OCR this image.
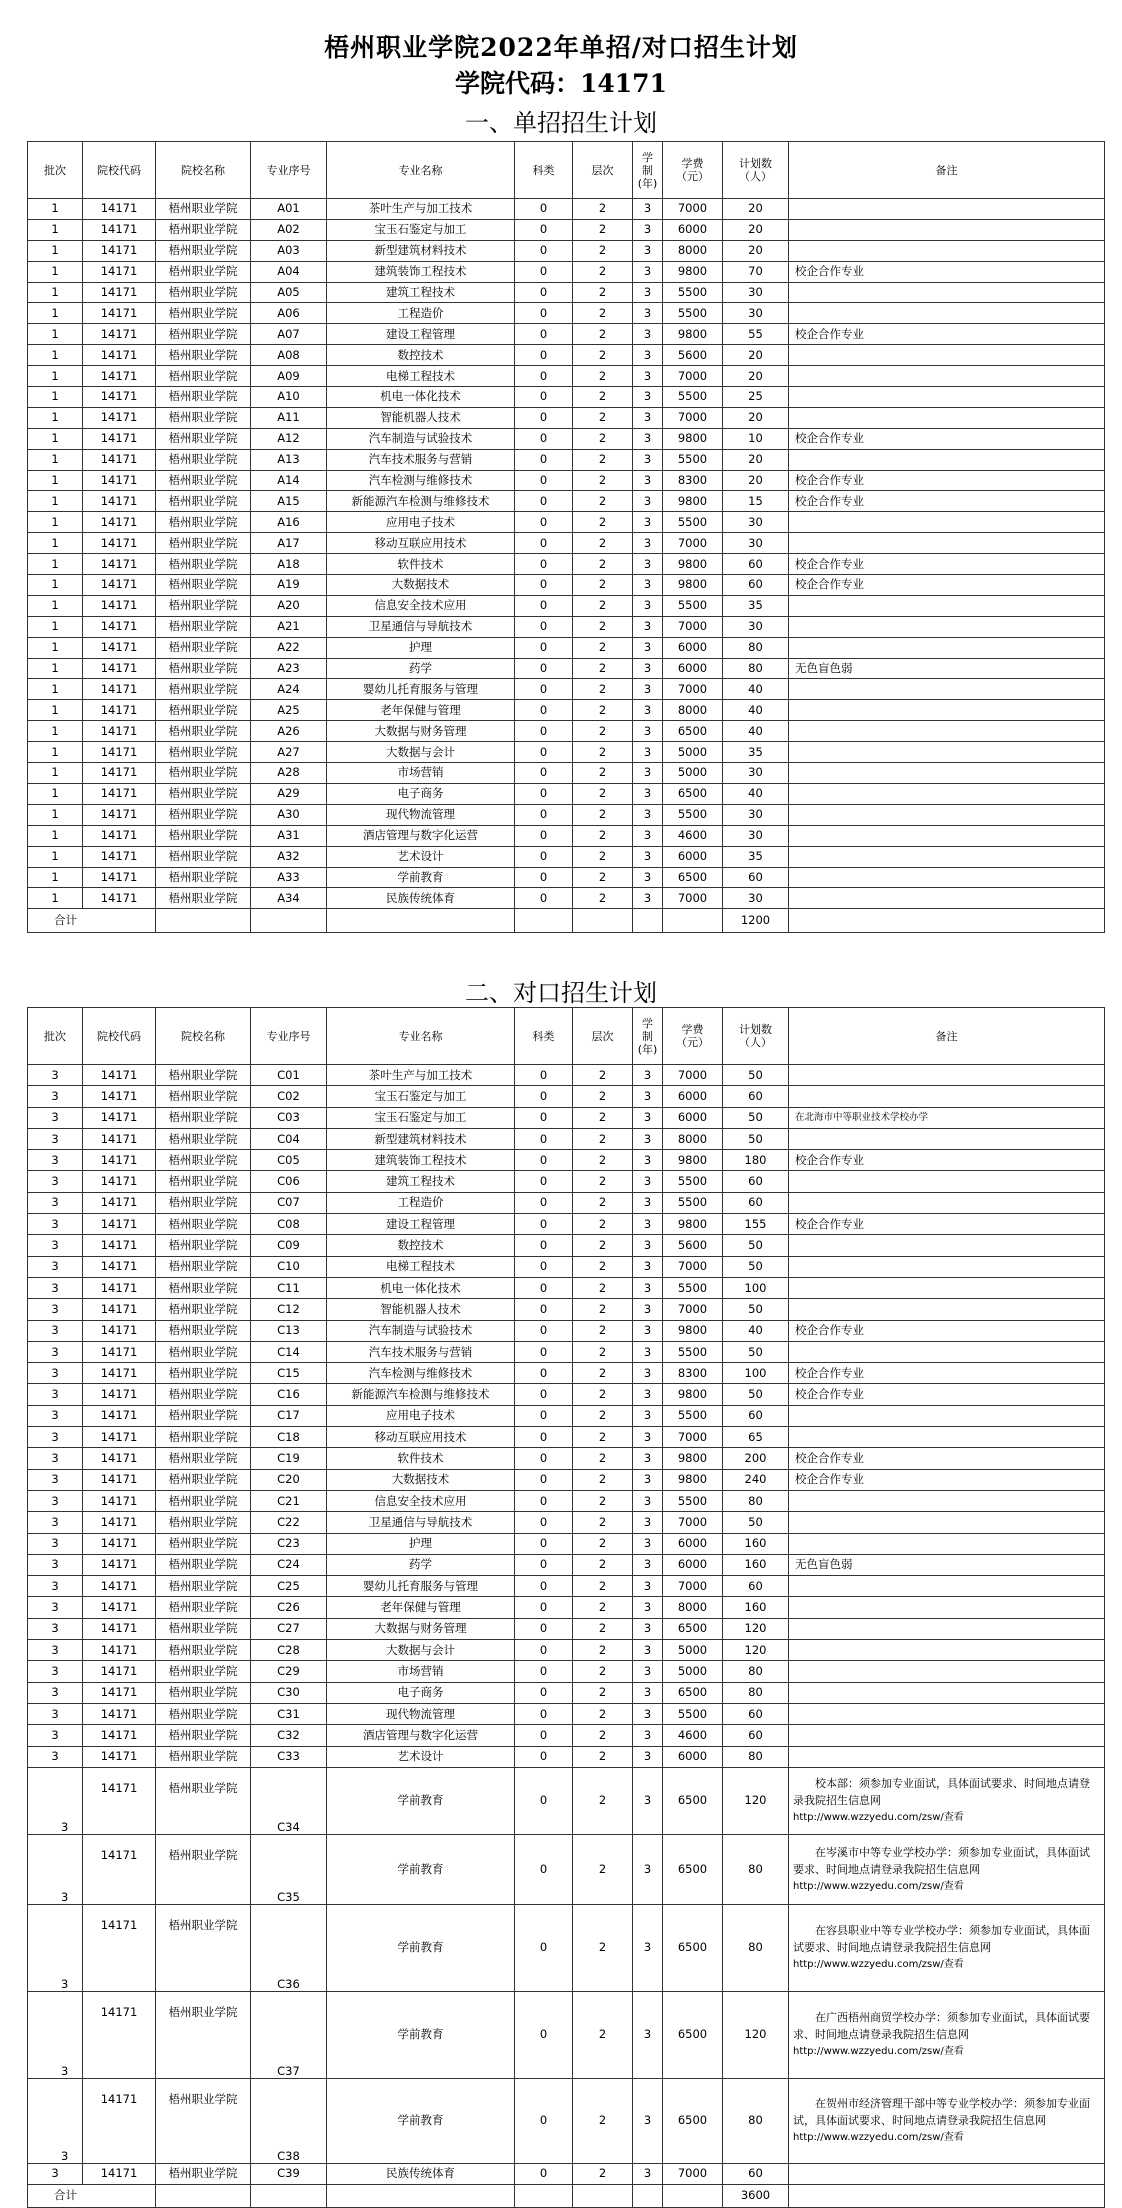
梧州职业学院2022年单招/对口招生计划
学院代码：14171
一、单招招生计划
二、对口招生计划
批次	院校代码	院校名称	专业序号	专业名称	科类	层次	学
制
(年)	学费
（元）	计划数
（人）	备注
1	14171	梧州职业学院	A01	茶叶生产与加工技术	0	2	3	7000	20	
1	14171	梧州职业学院	A02	宝玉石鉴定与加工	0	2	3	6000	20	
1	14171	梧州职业学院	A03	新型建筑材料技术	0	2	3	8000	20	
1	14171	梧州职业学院	A04	建筑装饰工程技术	0	2	3	9800	70	校企合作专业
1	14171	梧州职业学院	A05	建筑工程技术	0	2	3	5500	30	
1	14171	梧州职业学院	A06	工程造价	0	2	3	5500	30	
1	14171	梧州职业学院	A07	建设工程管理	0	2	3	9800	55	校企合作专业
1	14171	梧州职业学院	A08	数控技术	0	2	3	5600	20	
1	14171	梧州职业学院	A09	电梯工程技术	0	2	3	7000	20	
1	14171	梧州职业学院	A10	机电一体化技术	0	2	3	5500	25	
1	14171	梧州职业学院	A11	智能机器人技术	0	2	3	7000	20	
1	14171	梧州职业学院	A12	汽车制造与试验技术	0	2	3	9800	10	校企合作专业
1	14171	梧州职业学院	A13	汽车技术服务与营销	0	2	3	5500	20	
1	14171	梧州职业学院	A14	汽车检测与维修技术	0	2	3	8300	20	校企合作专业
1	14171	梧州职业学院	A15	新能源汽车检测与维修技术	0	2	3	9800	15	校企合作专业
1	14171	梧州职业学院	A16	应用电子技术	0	2	3	5500	30	
1	14171	梧州职业学院	A17	移动互联应用技术	0	2	3	7000	30	
1	14171	梧州职业学院	A18	软件技术	0	2	3	9800	60	校企合作专业
1	14171	梧州职业学院	A19	大数据技术	0	2	3	9800	60	校企合作专业
1	14171	梧州职业学院	A20	信息安全技术应用	0	2	3	5500	35	
1	14171	梧州职业学院	A21	卫星通信与导航技术	0	2	3	7000	30	
1	14171	梧州职业学院	A22	护理	0	2	3	6000	80	
1	14171	梧州职业学院	A23	药学	0	2	3	6000	80	无色盲色弱
1	14171	梧州职业学院	A24	婴幼儿托育服务与管理	0	2	3	7000	40	
1	14171	梧州职业学院	A25	老年保健与管理	0	2	3	8000	40	
1	14171	梧州职业学院	A26	大数据与财务管理	0	2	3	6500	40	
1	14171	梧州职业学院	A27	大数据与会计	0	2	3	5000	35	
1	14171	梧州职业学院	A28	市场营销	0	2	3	5000	30	
1	14171	梧州职业学院	A29	电子商务	0	2	3	6500	40	
1	14171	梧州职业学院	A30	现代物流管理	0	2	3	5500	30	
1	14171	梧州职业学院	A31	酒店管理与数字化运营	0	2	3	4600	30	
1	14171	梧州职业学院	A32	艺术设计	0	2	3	6000	35	
1	14171	梧州职业学院	A33	学前教育	0	2	3	6500	60	
1	14171	梧州职业学院	A34	民族传统体育	0	2	3	7000	30	
合计									1200	
批次	院校代码	院校名称	专业序号	专业名称	科类	层次	学
制
(年)	学费
（元）	计划数
（人）	备注
3	14171	梧州职业学院	C01	茶叶生产与加工技术	0	2	3	7000	50	
3	14171	梧州职业学院	C02	宝玉石鉴定与加工	0	2	3	6000	60	
3	14171	梧州职业学院	C03	宝玉石鉴定与加工	0	2	3	6000	50	在北海市中等职业技术学校办学
3	14171	梧州职业学院	C04	新型建筑材料技术	0	2	3	8000	50	
3	14171	梧州职业学院	C05	建筑装饰工程技术	0	2	3	9800	180	校企合作专业
3	14171	梧州职业学院	C06	建筑工程技术	0	2	3	5500	60	
3	14171	梧州职业学院	C07	工程造价	0	2	3	5500	60	
3	14171	梧州职业学院	C08	建设工程管理	0	2	3	9800	155	校企合作专业
3	14171	梧州职业学院	C09	数控技术	0	2	3	5600	50	
3	14171	梧州职业学院	C10	电梯工程技术	0	2	3	7000	50	
3	14171	梧州职业学院	C11	机电一体化技术	0	2	3	5500	100	
3	14171	梧州职业学院	C12	智能机器人技术	0	2	3	7000	50	
3	14171	梧州职业学院	C13	汽车制造与试验技术	0	2	3	9800	40	校企合作专业
3	14171	梧州职业学院	C14	汽车技术服务与营销	0	2	3	5500	50	
3	14171	梧州职业学院	C15	汽车检测与维修技术	0	2	3	8300	100	校企合作专业
3	14171	梧州职业学院	C16	新能源汽车检测与维修技术	0	2	3	9800	50	校企合作专业
3	14171	梧州职业学院	C17	应用电子技术	0	2	3	5500	60	
3	14171	梧州职业学院	C18	移动互联应用技术	0	2	3	7000	65	
3	14171	梧州职业学院	C19	软件技术	0	2	3	9800	200	校企合作专业
3	14171	梧州职业学院	C20	大数据技术	0	2	3	9800	240	校企合作专业
3	14171	梧州职业学院	C21	信息安全技术应用	0	2	3	5500	80	
3	14171	梧州职业学院	C22	卫星通信与导航技术	0	2	3	7000	50	
3	14171	梧州职业学院	C23	护理	0	2	3	6000	160	
3	14171	梧州职业学院	C24	药学	0	2	3	6000	160	无色盲色弱
3	14171	梧州职业学院	C25	婴幼儿托育服务与管理	0	2	3	7000	60	
3	14171	梧州职业学院	C26	老年保健与管理	0	2	3	8000	160	
3	14171	梧州职业学院	C27	大数据与财务管理	0	2	3	6500	120	
3	14171	梧州职业学院	C28	大数据与会计	0	2	3	5000	120	
3	14171	梧州职业学院	C29	市场营销	0	2	3	5000	80	
3	14171	梧州职业学院	C30	电子商务	0	2	3	6500	80	
3	14171	梧州职业学院	C31	现代物流管理	0	2	3	5500	60	
3	14171	梧州职业学院	C32	酒店管理与数字化运营	0	2	3	4600	60	
3	14171	梧州职业学院	C33	艺术设计	0	2	3	6000	80	
3	14171	梧州职业学院	C34	学前教育	0	2	3	6500	120	校本部：须参加专业面试，具体面试要求、时间地点请登录我院招生信息网
http://www.wzzyedu.com/zsw/查看

3	14171	梧州职业学院	C35	学前教育	0	2	3	6500	80	在岑溪市中等专业学校办学：须参加专业面试，具体面试要求、时间地点请登录我院招生信息网
http://www.wzzyedu.com/zsw/查看

3	14171	梧州职业学院	C36	学前教育	0	2	3	6500	80	在容县职业中等专业学校办学：须参加专业面试，具体面试要求、时间地点请登录我院招生信息网
http://www.wzzyedu.com/zsw/查看

3	14171	梧州职业学院	C37	学前教育	0	2	3	6500	120	在广西梧州商贸学校办学：须参加专业面试，具体面试要求、时间地点请登录我院招生信息网
http://www.wzzyedu.com/zsw/查看

3	14171	梧州职业学院	C38	学前教育	0	2	3	6500	80	在贺州市经济管理干部中等专业学校办学：须参加专业面试，具体面试要求、时间地点请登录我院招生信息网
http://www.wzzyedu.com/zsw/查看

3	14171	梧州职业学院	C39	民族传统体育	0	2	3	7000	60	
合计									3600	
